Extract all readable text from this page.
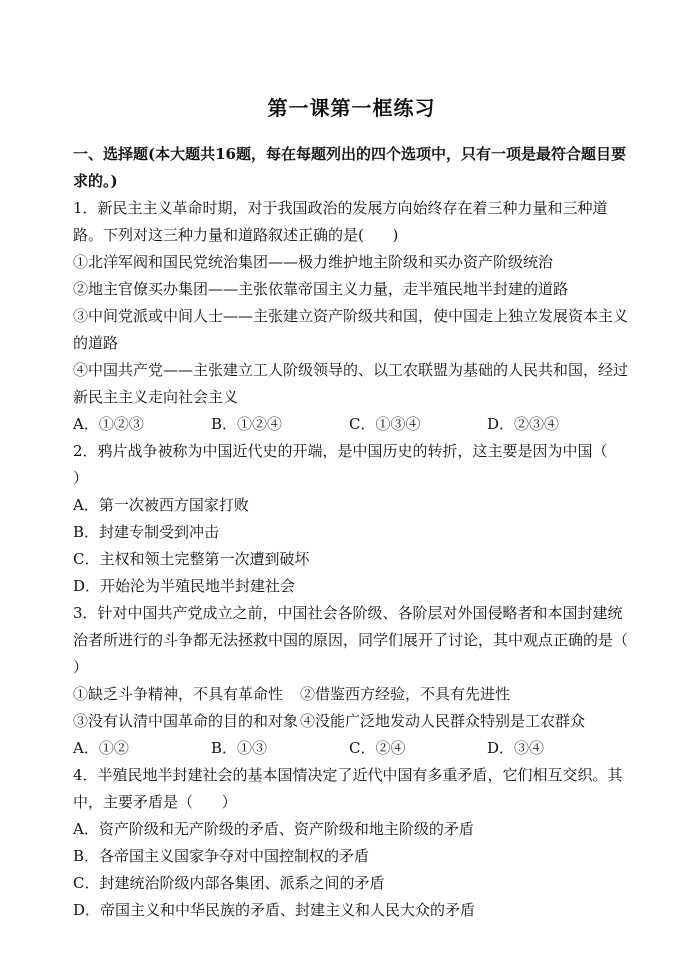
第一课第一框练习
一、选择题(本大题共16题，每在每题列出的四个选项中，只有一项是最符合题目要求的。)
1．新民主主义革命时期，对于我国政治的发展方向始终存在着三种力量和三种道路。下列对这三种力量和道路叙述正确的是(      )
①北洋军阀和国民党统治集团——极力维护地主阶级和买办资产阶级统治
②地主官僚买办集团——主张依靠帝国主义力量，走半殖民地半封建的道路
③中间党派或中间人士——主张建立资产阶级共和国，使中国走上独立发展资本主义的道路
④中国共产党——主张建立工人阶级领导的、以工农联盟为基础的人民共和国，经过新民主主义走向社会主义
A．①②③	B．①②④	C．①③④	D．②③④
2．鸦片战争被称为中国近代史的开端，是中国历史的转折，这主要是因为中国（      ）
A．第一次被西方国家打败
B．封建专制受到冲击
C．主权和领土完整第一次遭到破坏
D．开始沦为半殖民地半封建社会
3．针对中国共产党成立之前，中国社会各阶级、各阶层对外国侵略者和本国封建统治者所进行的斗争都无法拯救中国的原因，同学们展开了讨论，其中观点正确的是（      ）
①缺乏斗争精神，不具有革命性	②借鉴西方经验，不具有先进性
③没有认清中国革命的目的和对象 ④没能广泛地发动人民群众特别是工农群众
A．①②	B．①③	C．②④	D．③④
4．半殖民地半封建社会的基本国情决定了近代中国有多重矛盾，它们相互交织。其中，主要矛盾是（      ）
A．资产阶级和无产阶级的矛盾、资产阶级和地主阶级的矛盾
B．各帝国主义国家争夺对中国控制权的矛盾
C．封建统治阶级内部各集团、派系之间的矛盾
D．帝国主义和中华民族的矛盾、封建主义和人民大众的矛盾
